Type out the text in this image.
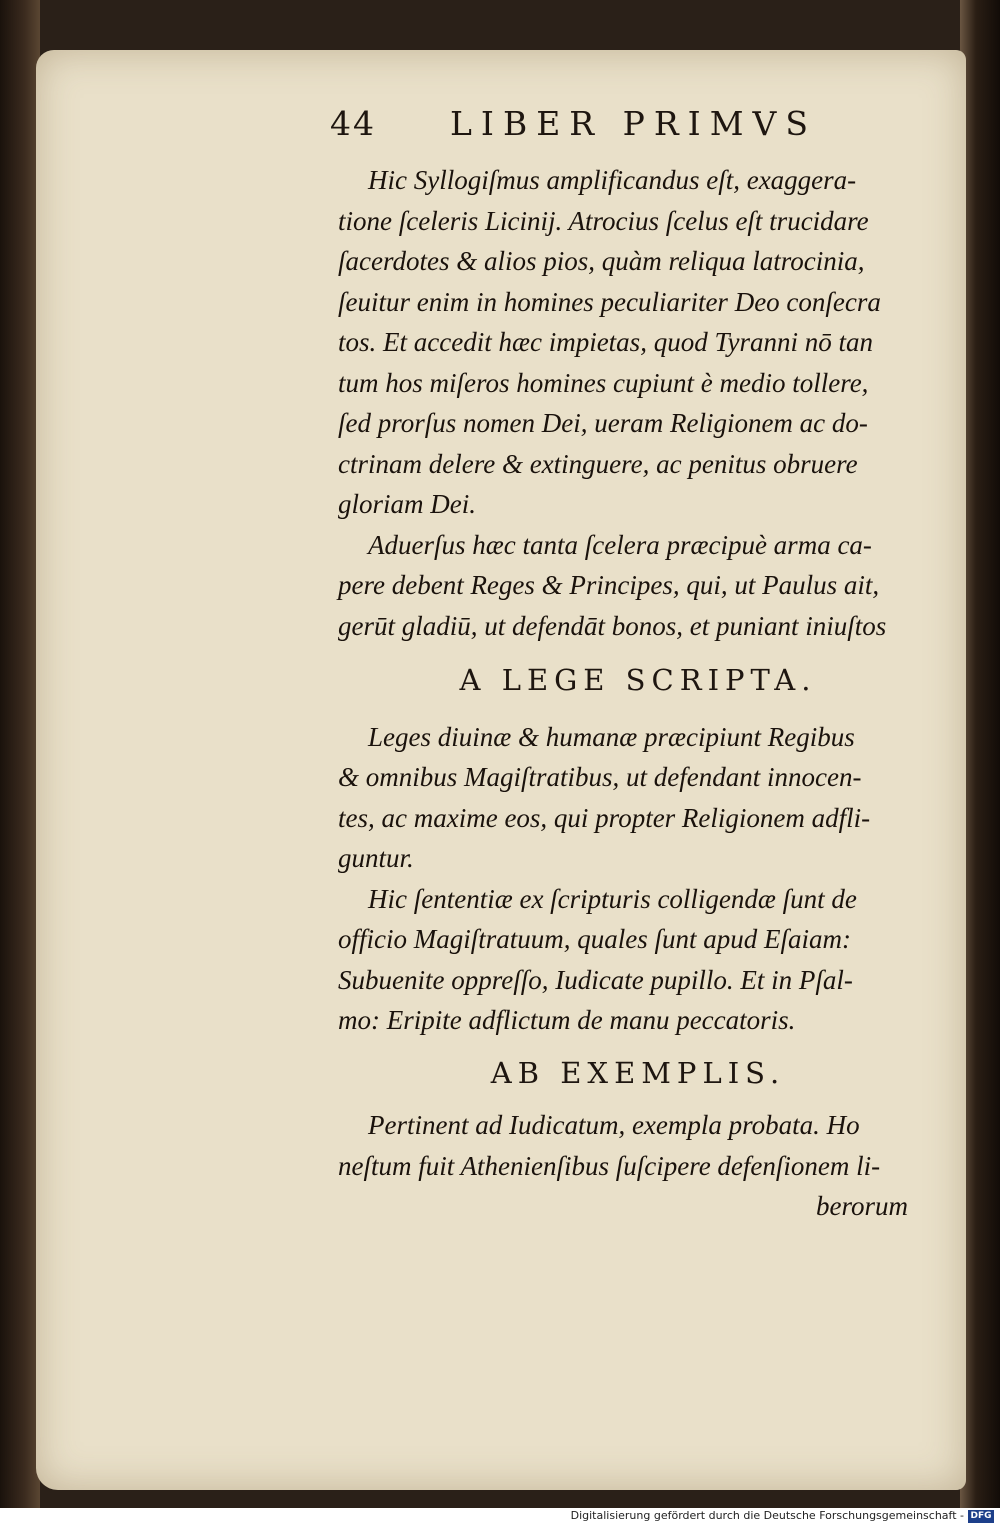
44 LIBER PRIMVS

Hic Syllogiſmus amplificandus eſt, exaggera-
tione ſceleris Licinij. Atrocius ſcelus eſt trucidare
ſacerdotes & alios pios, quàm reliqua latrocinia,
ſeuitur enim in homines peculiariter Deo conſecra
tos. Et accedit hæc impietas, quod Tyranni nō tan
tum hos miſeros homines cupiunt è medio tollere,
ſed prorſus nomen Dei, ueram Religionem ac do-
ctrinam delere & extinguere, ac penitus obruere
gloriam Dei.

Aduerſus hæc tanta ſcelera præcipuè arma ca-
pere debent Reges & Principes, qui, ut Paulus ait,
gerūt gladiū, ut defendāt bonos, et puniant iniuſtos

A LEGE SCRIPTA.

Leges diuinæ & humanæ præcipiunt Regibus
& omnibus Magiſtratibus, ut defendant innocen-
tes, ac maxime eos, qui propter Religionem adfli-
guntur.

Hic ſententiæ ex ſcripturis colligendæ ſunt de
officio Magiſtratuum, quales ſunt apud Eſaiam:
Subuenite oppreſſo, Iudicate pupillo. Et in Pſal-
mo: Eripite adflictum de manu peccatoris.

AB EXEMPLIS.

Pertinent ad Iudicatum, exempla probata. Ho
neſtum fuit Athenienſibus ſuſcipere defenſionem li-

berorum

Digitalisierung gefördert durch die Deutsche Forschungsgemeinschaft - DFG
